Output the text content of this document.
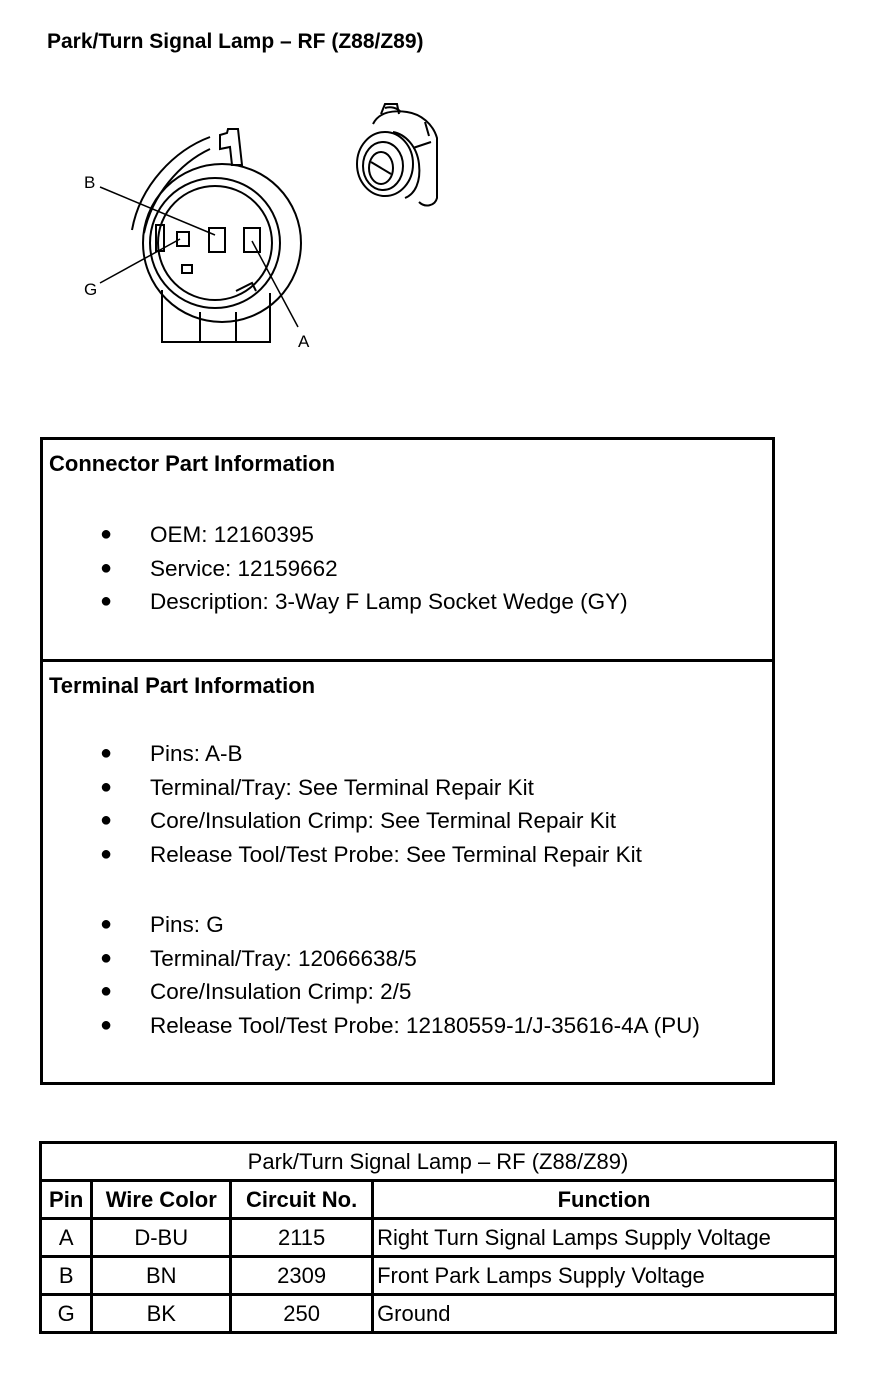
Park/Turn Signal Lamp – RF (Z88/Z89)
B
G
A
Connector Part Information
● OEM: 12160395
● Service: 12159662
● Description: 3-Way F Lamp Socket Wedge (GY)
Terminal Part Information
● Pins: A-B
● Terminal/Tray: See Terminal Repair Kit
● Core/Insulation Crimp: See Terminal Repair Kit
● Release Tool/Test Probe: See Terminal Repair Kit
● Pins: G
● Terminal/Tray: 12066638/5
● Core/Insulation Crimp: 2/5
● Release Tool/Test Probe: 12180559-1/J-35616-4A (PU)
Park/Turn Signal Lamp – RF (Z88/Z89)			
Pin	Wire Color	Circuit No.	Function
A	D-BU	2115	Right Turn Signal Lamps Supply Voltage
B	BN	2309	Front Park Lamps Supply Voltage
G	BK	250	Ground
